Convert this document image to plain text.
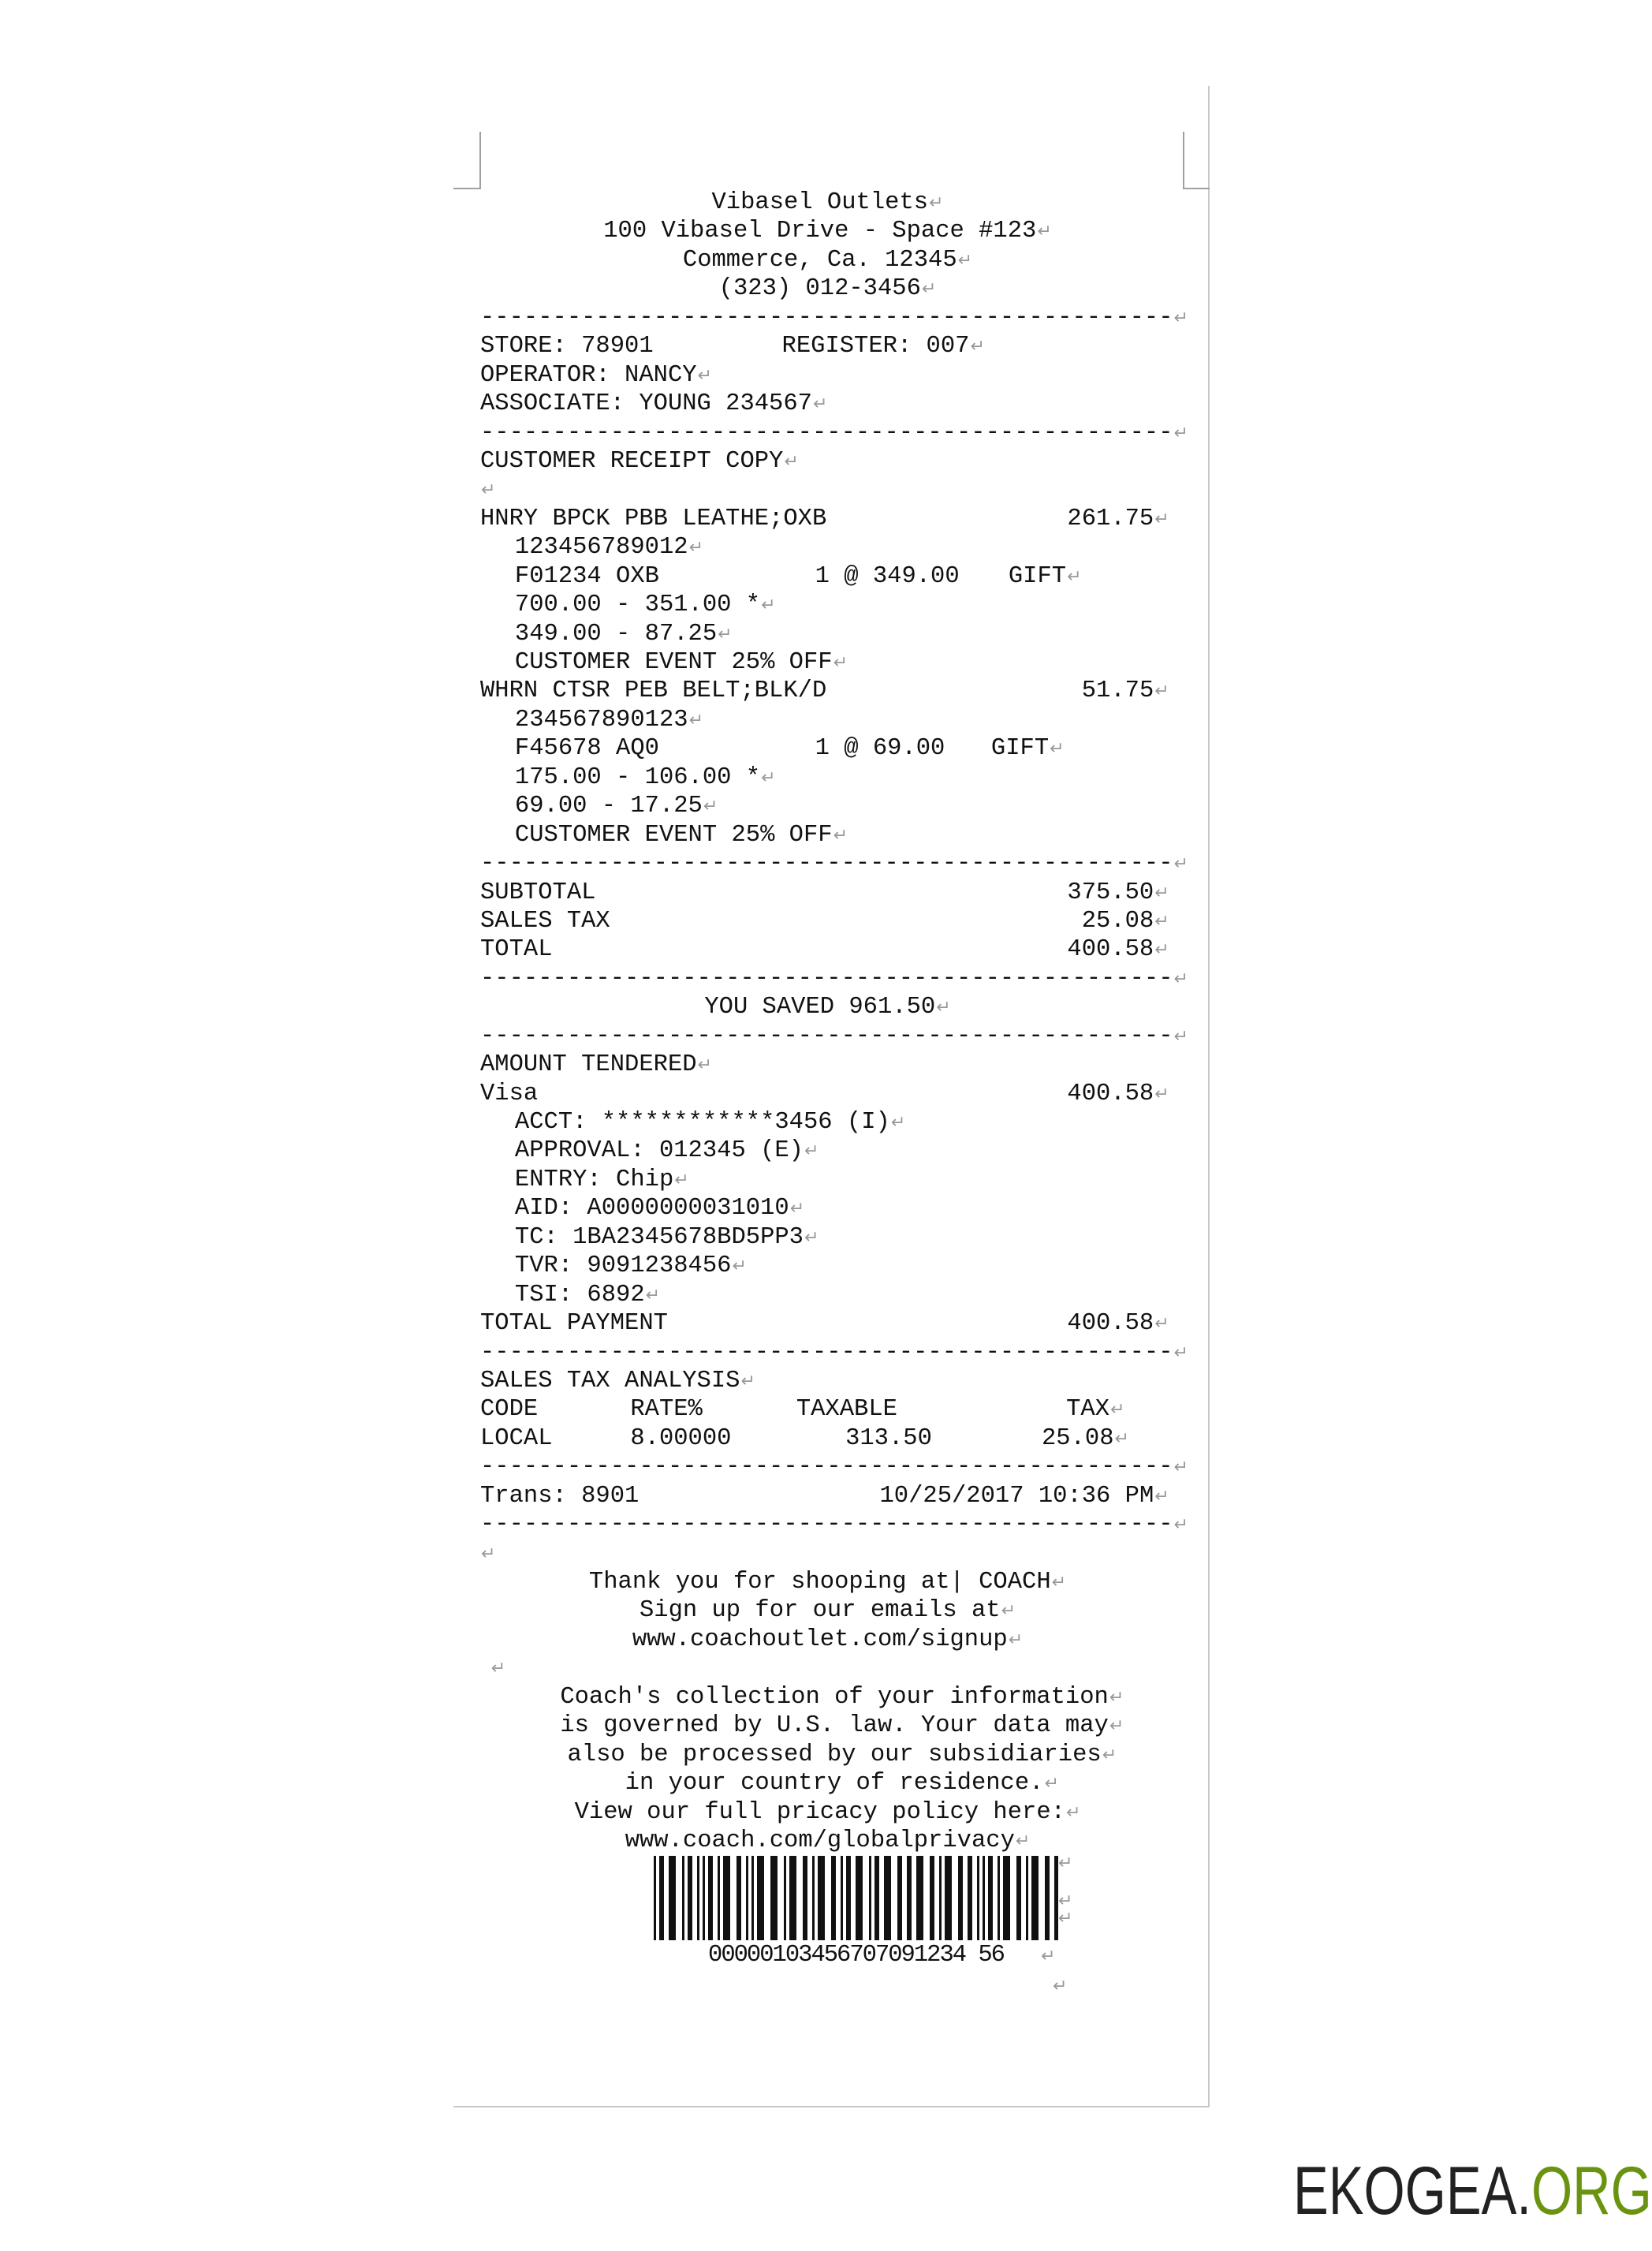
Vibasel Outlets ↵
100 Vibasel Drive - Space #123 ↵
Commerce, Ca. 12345 ↵
(323) 012-3456 ↵
------------------------------------------------ ↵
STORE: 78901	REGISTER: 007 ↵
OPERATOR: NANCY ↵
ASSOCIATE: YOUNG 234567 ↵
------------------------------------------------ ↵
CUSTOMER RECEIPT COPY ↵
↵
HNRY BPCK PBB LEATHE;OXB	261.75 ↵
123456789012 ↵
F01234 OXB	1 @ 349.00 GIFT ↵
700.00 - 351.00 * ↵
349.00 - 87.25 ↵
CUSTOMER EVENT 25% OFF ↵
WHRN CTSR PEB BELT;BLK/D	51.75 ↵
234567890123 ↵
F45678 AQ0	1 @ 69.00 GIFT ↵
175.00 - 106.00 * ↵
69.00 - 17.25 ↵
CUSTOMER EVENT 25% OFF ↵
------------------------------------------------ ↵
SUBTOTAL	375.50 ↵
SALES TAX	25.08 ↵
TOTAL	400.58 ↵
------------------------------------------------ ↵
YOU SAVED 961.50 ↵
------------------------------------------------ ↵
AMOUNT TENDERED ↵
Visa	400.58 ↵
ACCT: ************3456 (I) ↵
APPROVAL: 012345 (E) ↵
ENTRY: Chip ↵
AID: A0000000031010 ↵
TC: 1BA2345678BD5PP3 ↵
TVR: 9091238456 ↵
TSI: 6892 ↵
TOTAL PAYMENT	400.58 ↵
------------------------------------------------ ↵
SALES TAX ANALYSIS ↵
CODE	RATE%	TAXABLE	TAX ↵
LOCAL	8.00000	313.50	25.08 ↵
------------------------------------------------ ↵
Trans: 8901	10/25/2017 10:36 PM ↵
------------------------------------------------ ↵
↵
Thank you for shooping at| COACH ↵
Sign up for our emails at ↵
www.coachoutlet.com/signup ↵
↵
Coach's collection of your information ↵
is governed by U.S. law. Your data may ↵
also be processed by our subsidiaries ↵
in your country of residence. ↵
View our full pricacy policy here: ↵
www.coach.com/globalprivacy ↵
↵
↵
↵
00000103456707091234 56	↵
↵
EKOGEA.ORG
